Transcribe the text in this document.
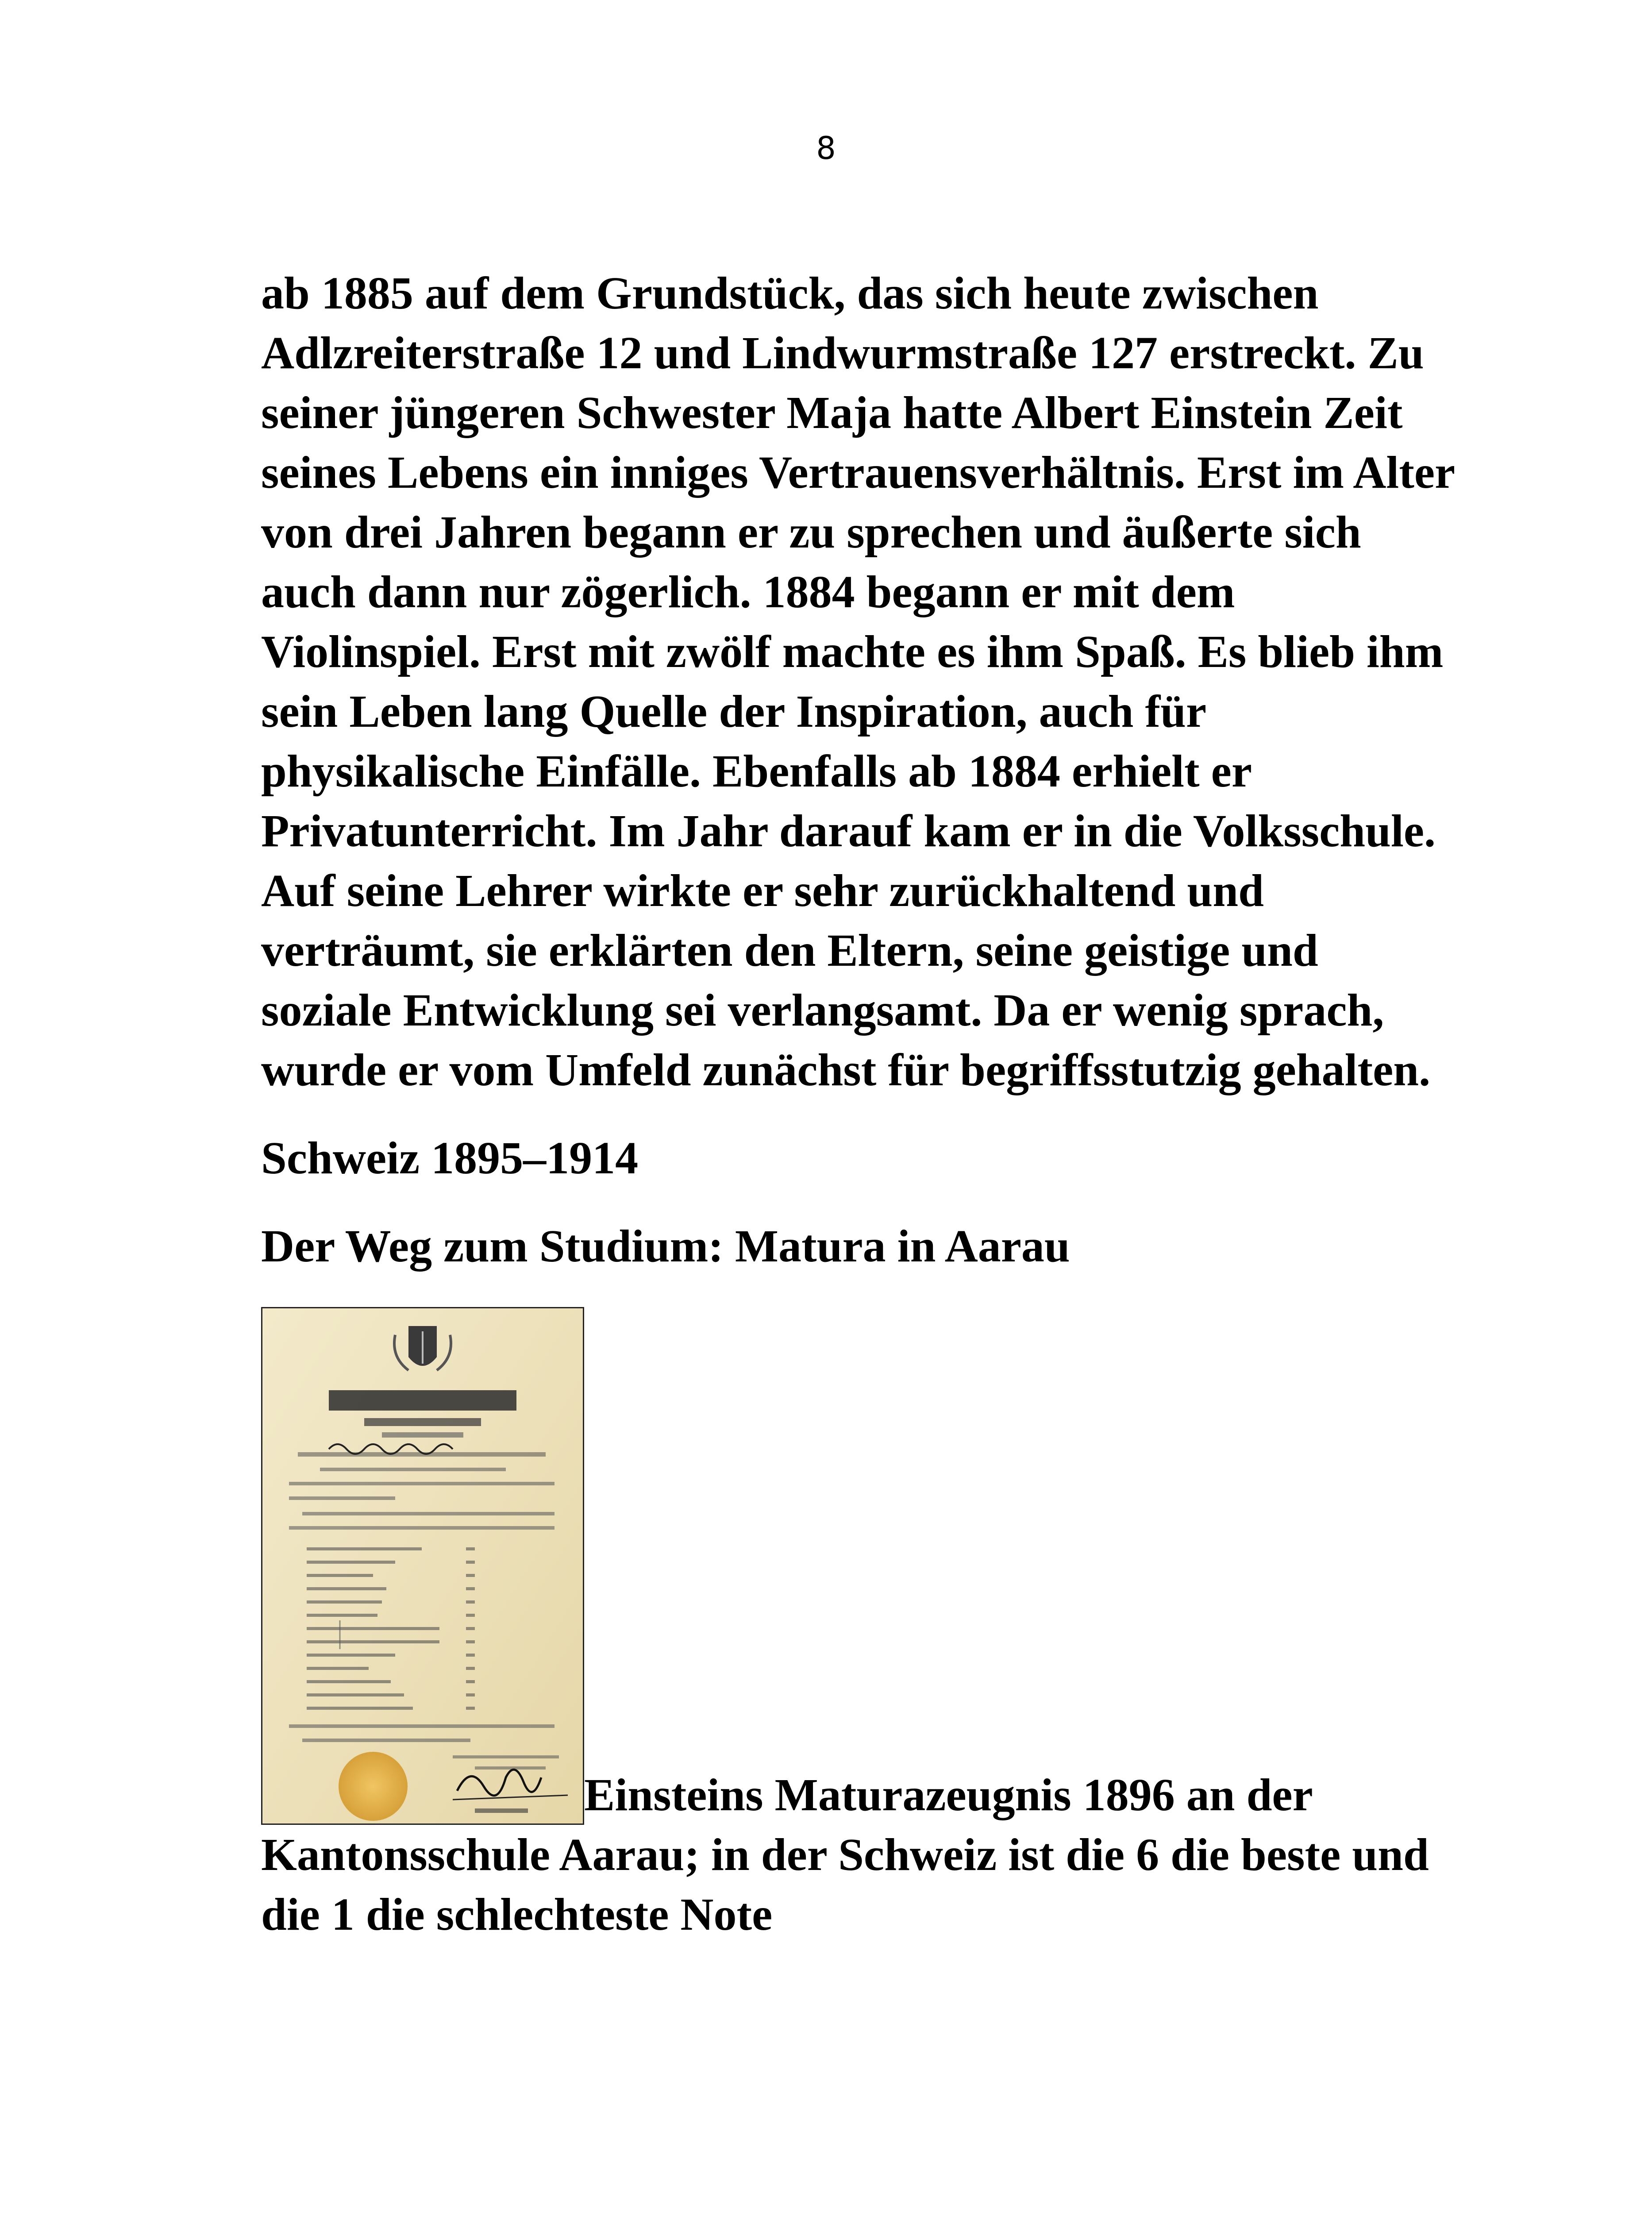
8

ab 1885 auf dem Grundstück, das sich heute zwischen Adlzreiterstraße 12 und Lindwurmstraße 127 erstreckt. Zu seiner jüngeren Schwester Maja hatte Albert Einstein Zeit seines Lebens ein inniges Vertrauensverhältnis. Erst im Alter von drei Jahren begann er zu sprechen und äußerte sich auch dann nur zögerlich. 1884 begann er mit dem Violinspiel. Erst mit zwölf machte es ihm Spaß. Es blieb ihm sein Leben lang Quelle der Inspiration, auch für physikalische Einfälle. Ebenfalls ab 1884 erhielt er Privatunterricht. Im Jahr darauf kam er in die Volksschule. Auf seine Lehrer wirkte er sehr zurückhaltend und verträumt, sie erklärten den Eltern, seine geistige und soziale Entwicklung sei verlangsamt. Da er wenig sprach, wurde er vom Umfeld zunächst für begriffsstutzig gehalten.

Schweiz 1895–1914

Der Weg zum Studium: Matura in Aarau

Einsteins Maturazeugnis 1896 an der Kantonsschule Aarau; in der Schweiz ist die 6 die beste und die 1 die schlechteste Note
